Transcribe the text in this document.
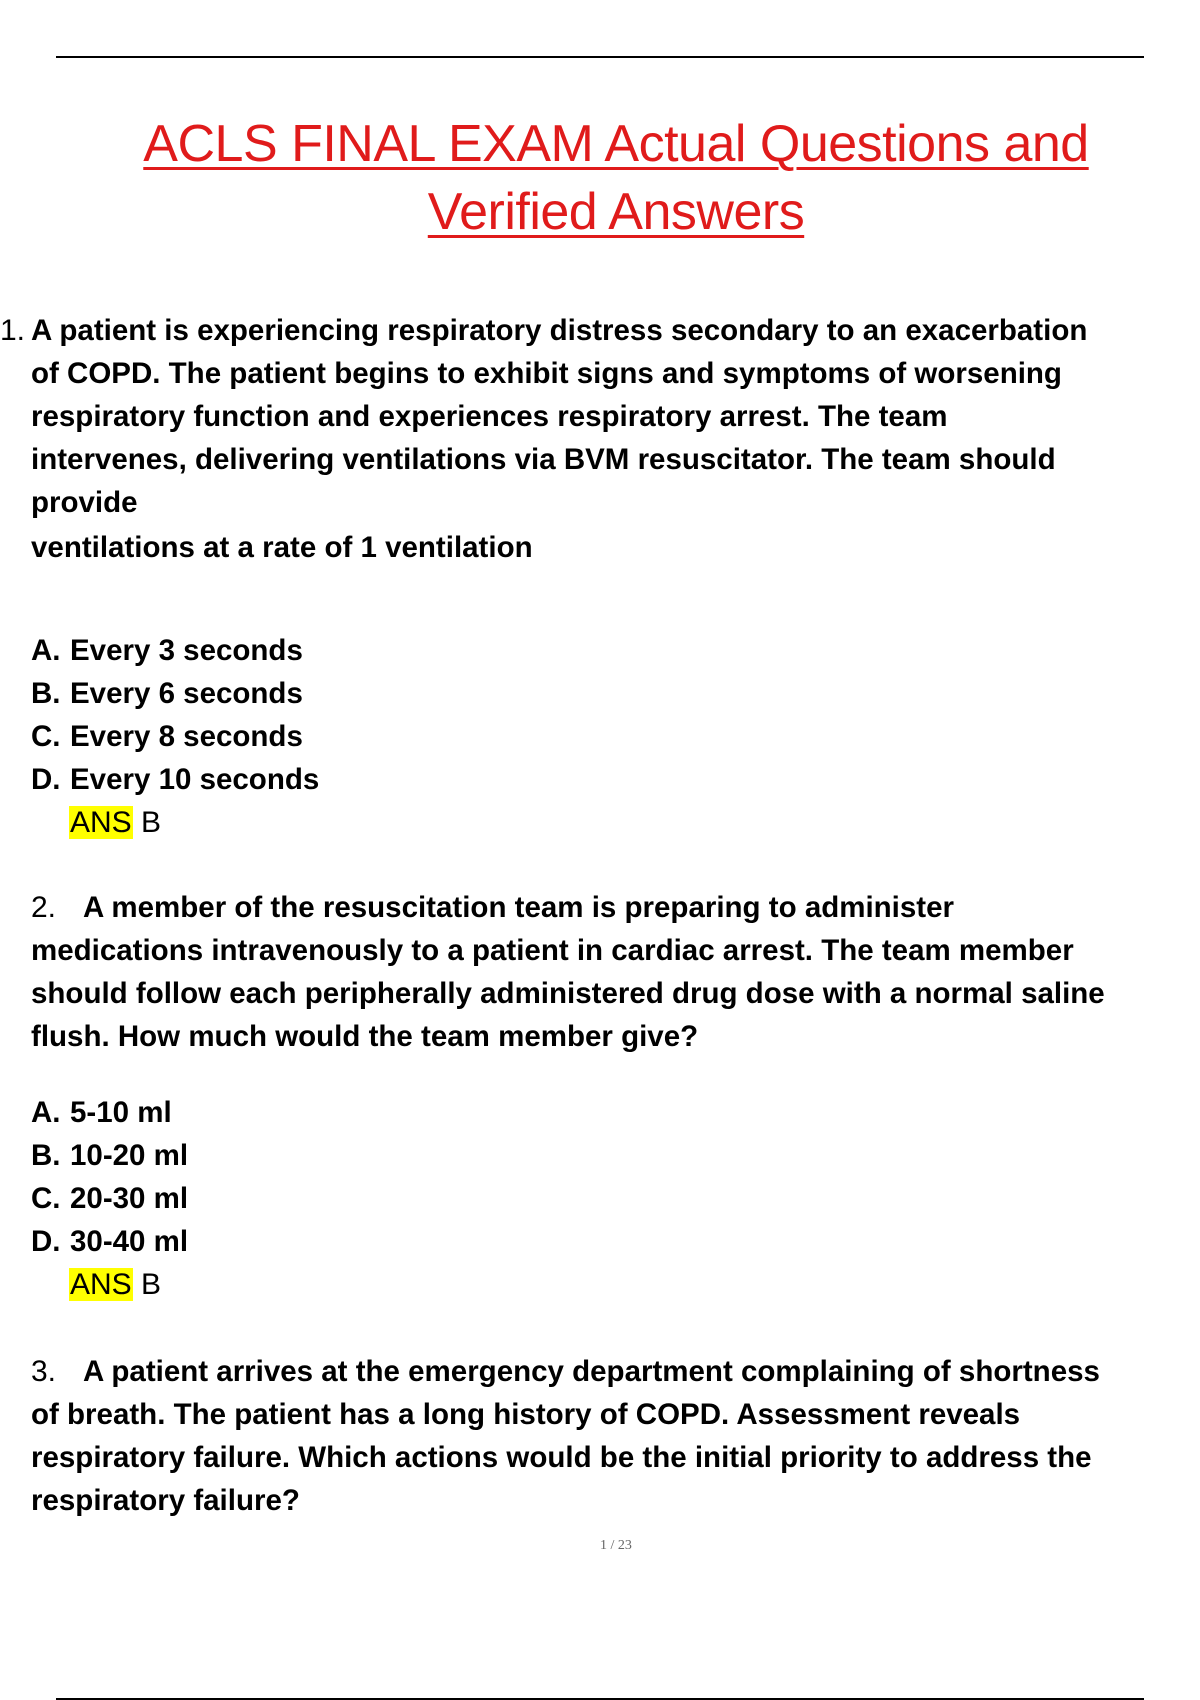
ACLS FINAL EXAM Actual Questions and
Verified Answers
1. A patient is experiencing respiratory distress secondary to an exacerbation
of COPD. The patient begins to exhibit signs and symptoms of worsening
respiratory function and experiences respiratory arrest. The team
intervenes, delivering ventilations via BVM resuscitator. The team should
provide
ventilations at a rate of 1 ventilation
A. Every 3 seconds
B. Every 6 seconds
C. Every 8 seconds
D. Every 10 seconds
ANS B
2. A member of the resuscitation team is preparing to administer
medications intravenously to a patient in cardiac arrest. The team member
should follow each peripherally administered drug dose with a normal saline
flush. How much would the team member give?
A. 5-10 ml
B. 10-20 ml
C. 20-30 ml
D. 30-40 ml
ANS B
3. A patient arrives at the emergency department complaining of shortness
of breath. The patient has a long history of COPD. Assessment reveals
respiratory failure. Which actions would be the initial priority to address the
respiratory failure?
1 / 23
